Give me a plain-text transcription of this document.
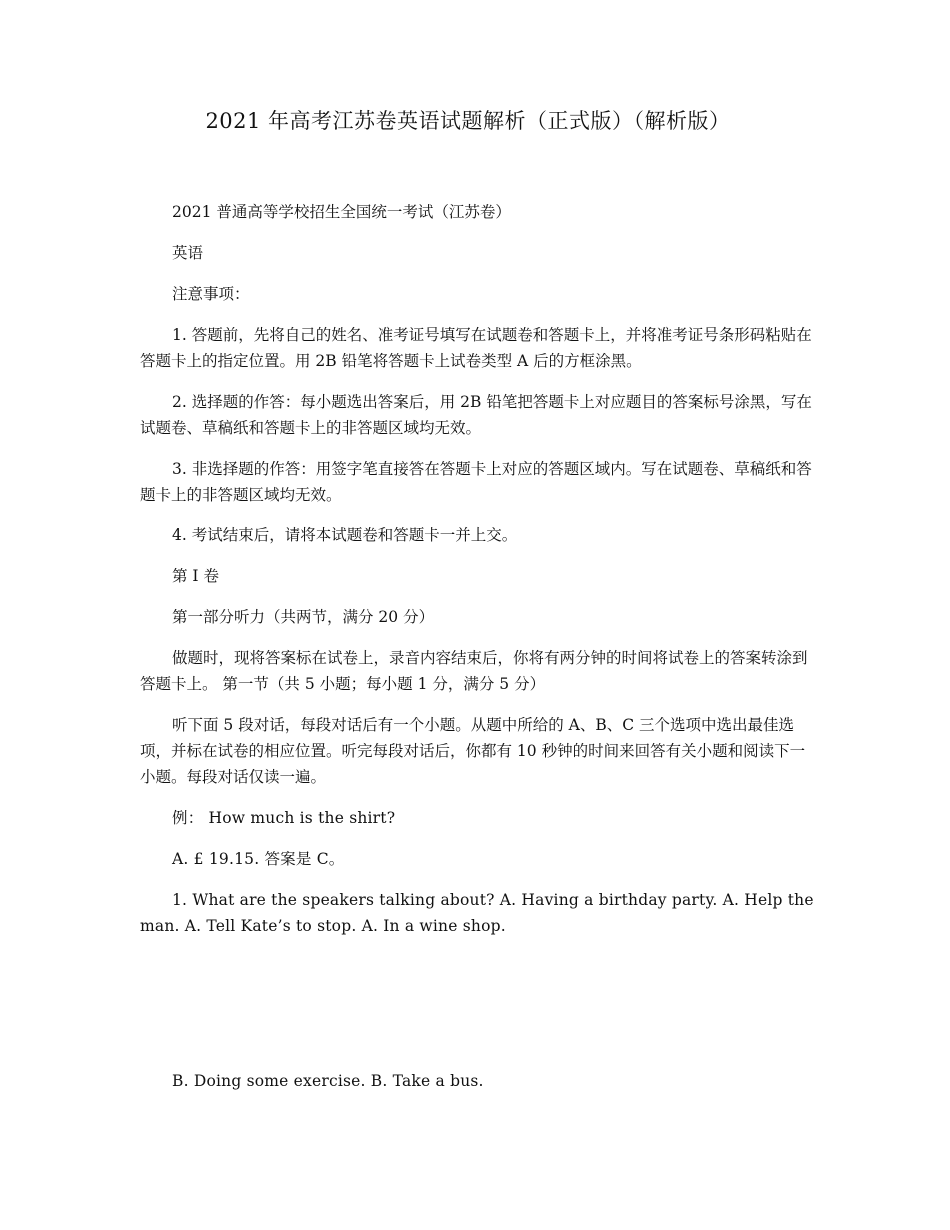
2021 年高考江苏卷英语试题解析（正式版）（解析版）
2021 普通高等学校招生全国统一考试（江苏卷）
英语
注意事项：
1. 答题前，先将自己的姓名、准考证号填写在试题卷和答题卡上，并将准考证号条形码粘贴在答题卡上的指定位置。用 2B 铅笔将答题卡上试卷类型 A 后的方框涂黑。
2. 选择题的作答：每小题选出答案后，用 2B 铅笔把答题卡上对应题目的答案标号涂黑，写在试题卷、草稿纸和答题卡上的非答题区域均无效。
3. 非选择题的作答：用签字笔直接答在答题卡上对应的答题区域内。写在试题卷、草稿纸和答题卡上的非答题区域均无效。
4. 考试结束后，请将本试题卷和答题卡一并上交。
第 I 卷
第一部分听力（共两节，满分 20 分）
做题时，现将答案标在试卷上，录音内容结束后，你将有两分钟的时间将试卷上的答案转涂到答题卡上。 第一节（共 5 小题；每小题 1 分，满分 5 分）
听下面 5 段对话，每段对话后有一个小题。从题中所给的 A、B、C 三个选项中选出最佳选项，并标在试卷的相应位置。听完每段对话后，你都有 10 秒钟的时间来回答有关小题和阅读下一小题。每段对话仅读一遍。
例： How much is the shirt?
A. £ 19.15. 答案是 C。
1. What are the speakers talking about? A. Having a birthday party. A. Help the man. A. Tell Kate’s to stop. A. In a wine shop.
B. Doing some exercise. B. Take a bus.
